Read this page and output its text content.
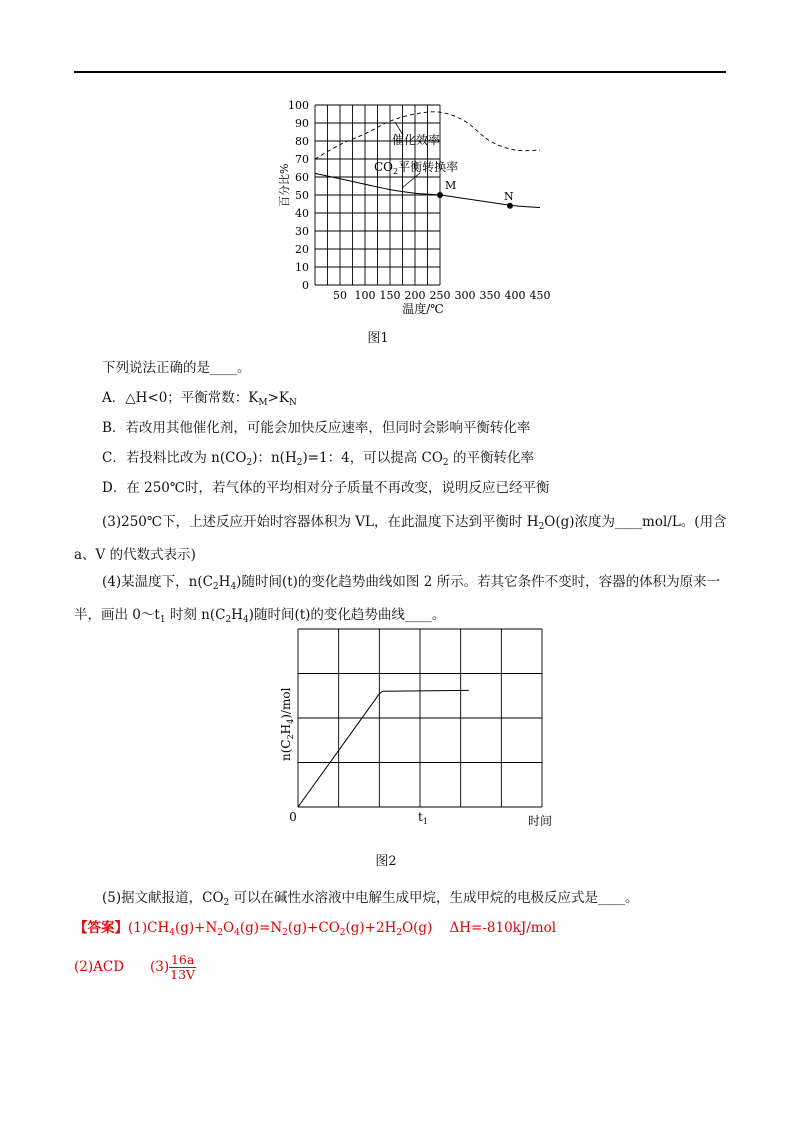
0
10
20
30
40
50
60
70
80
90
100
50 100 150 200 250 300 350 400 450
M
N
催化效率
$CO_2$平衡转换率
百分比%
温度/℃
图1
下列说法正确的是____。
A．△H<0；平衡常数：$K_M>K_N$
B．若改用其他催化剂，可能会加快反应速率，但同时会影响平衡转化率
C．若投料比改为 $n(CO_2)$：$n(H_2)=1$：4，可以提高 $CO_2$ 的平衡转化率
D．在 250℃时，若气体的平均相对分子质量不再改变，说明反应已经平衡
(3)250℃下，上述反应开始时容器体积为 VL，在此温度下达到平衡时 $H_2O(g)$浓度为____mol/L。(用含
a、V 的代数式表示)
(4)某温度下，$n(C_2H_4)$随时间(t)的变化趋势曲线如图 2 所示。若其它条件不变时，容器的体积为原来一
半，画出 $0\sim t_1$ 时刻 $n(C_2H_4)$随时间(t)的变化趋势曲线____。
$n(C_2H_4)$/mol
0	$t_1$	时间
图2
(5)据文献报道，$CO_2$ 可以在碱性水溶液中电解生成甲烷，生成甲烷的电极反应式是____。
【答案】$(1)CH_4(g)+N_2O_4(g)=N_2(g)+CO_2(g)+2H_2O(g)$    ΔH=-810kJ/mol
(2)ACD $(3) \frac{16a}{13V}$
